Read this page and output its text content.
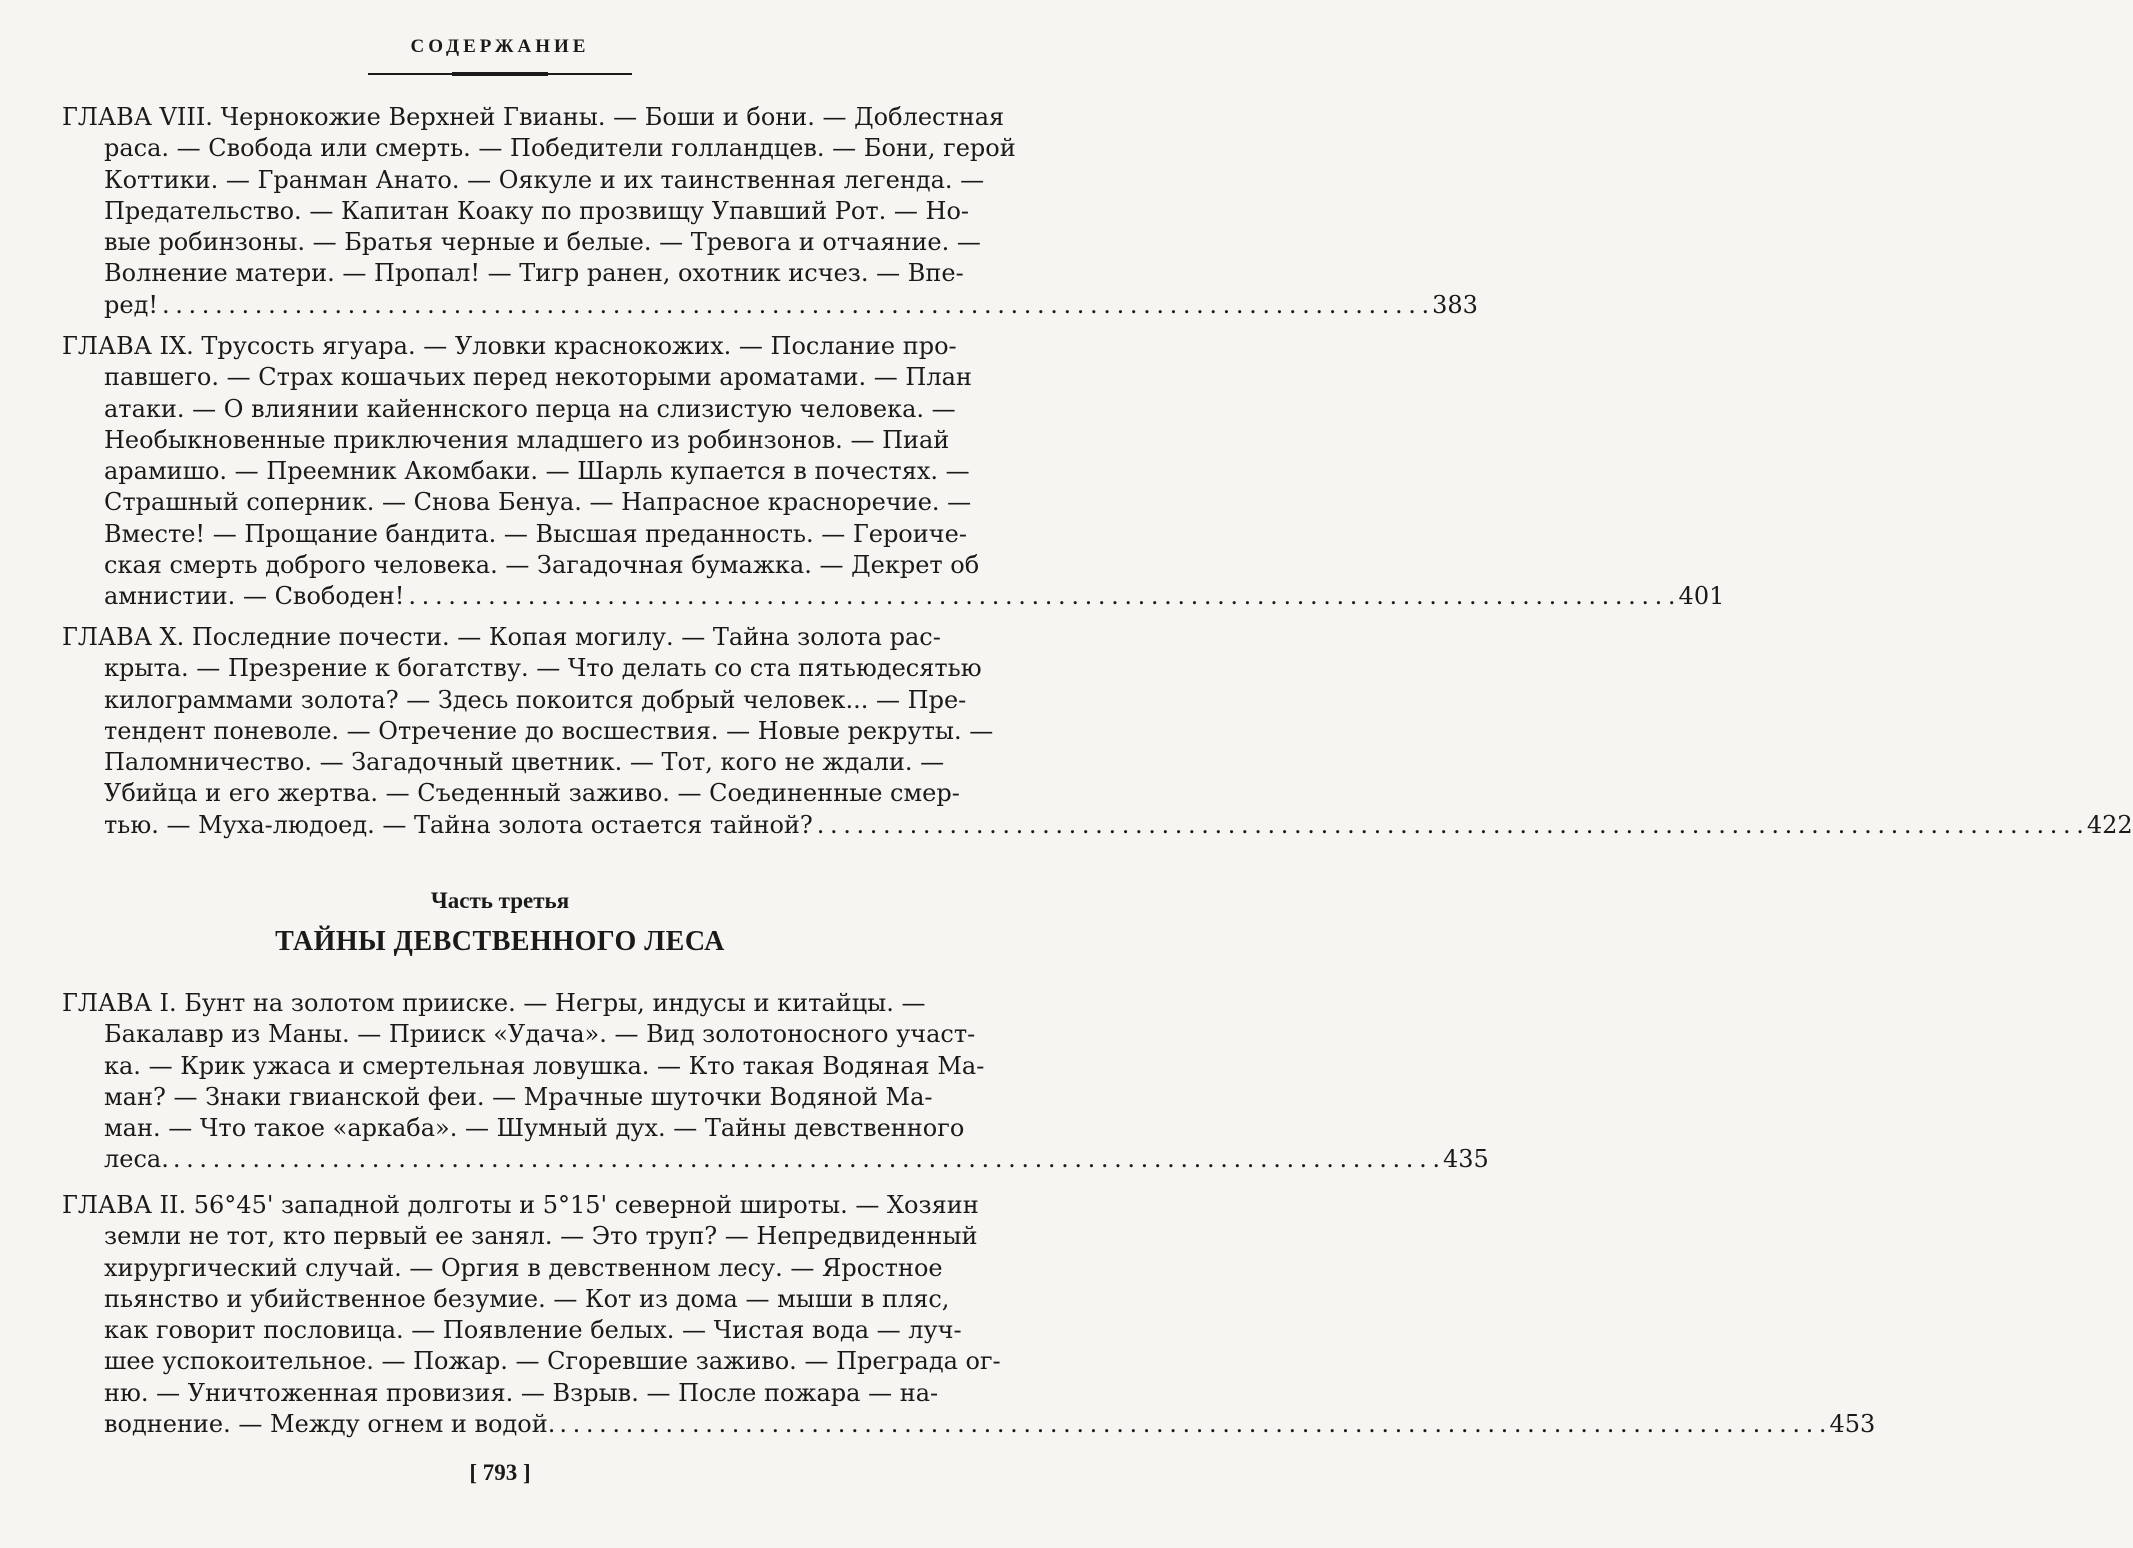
СОДЕРЖАНИЕ
ГЛАВА VIII. Чернокожие Верхней Гвианы. — Боши и бони. — Доблестная
раса. — Свобода или смерть. — Победители голландцев. — Бони, герой
Коттики. — Гранман Анато. — Оякуле и их таинственная легенда. —
Предательство. — Капитан Коаку по прозвищу Упавший Рот. — Но-
вые робинзоны. — Братья черные и белые. — Тревога и отчаяние. —
Волнение матери. — Пропал! — Тигр ранен, охотник исчез. — Впе-
ред! . . .	383
ГЛАВА IX. Трусость ягуара. — Уловки краснокожих. — Послание про-
павшего. — Страх кошачьих перед некоторыми ароматами. — План
атаки. — О влиянии кайеннского перца на слизистую человека. —
Необыкновенные приключения младшего из робинзонов. — Пиай
арамишо. — Преемник Акомбаки. — Шарль купается в почестях. —
Страшный соперник. — Снова Бенуа. — Напрасное красноречие. —
Вместе! — Прощание бандита. — Высшая преданность. — Героиче-
ская смерть доброго человека. — Загадочная бумажка. — Декрет об
амнистии. — Свободен! . . .	401
ГЛАВА X. Последние почести. — Копая могилу. — Тайна золота рас-
крыта. — Презрение к богатству. — Что делать со ста пятьюдесятью
килограммами золота? — Здесь покоится добрый человек... — Пре-
тендент поневоле. — Отречение до восшествия. — Новые рекруты. —
Паломничество. — Загадочный цветник. — Тот, кого не ждали. —
Убийца и его жертва. — Съеденный заживо. — Соединенные смер-
тью. — Муха-людоед. — Тайна золота остается тайной? . . .	422
Часть третья
ТАЙНЫ ДЕВСТВЕННОГО ЛЕСА
ГЛАВА I. Бунт на золотом прииске. — Негры, индусы и китайцы. —
Бакалавр из Маны. — Прииск «Удача». — Вид золотоносного участ-
ка. — Крик ужаса и смертельная ловушка. — Кто такая Водяная Ма-
ман? — Знаки гвианской феи. — Мрачные шуточки Водяной Ма-
ман. — Что такое «аркаба». — Шумный дух. — Тайны девственного
леса. . . .	435
ГЛАВА II. 56°45' западной долготы и 5°15' северной широты. — Хозяин
земли не тот, кто первый ее занял. — Это труп? — Непредвиденный
хирургический случай. — Оргия в девственном лесу. — Яростное
пьянство и убийственное безумие. — Кот из дома — мыши в пляс,
как говорит пословица. — Появление белых. — Чистая вода — луч-
шее успокоительное. — Пожар. — Сгоревшие заживо. — Преграда ог-
ню. — Уничтоженная провизия. — Взрыв. — После пожара — на-
воднение. — Между огнем и водой. . . .	453
[ 793 ]
